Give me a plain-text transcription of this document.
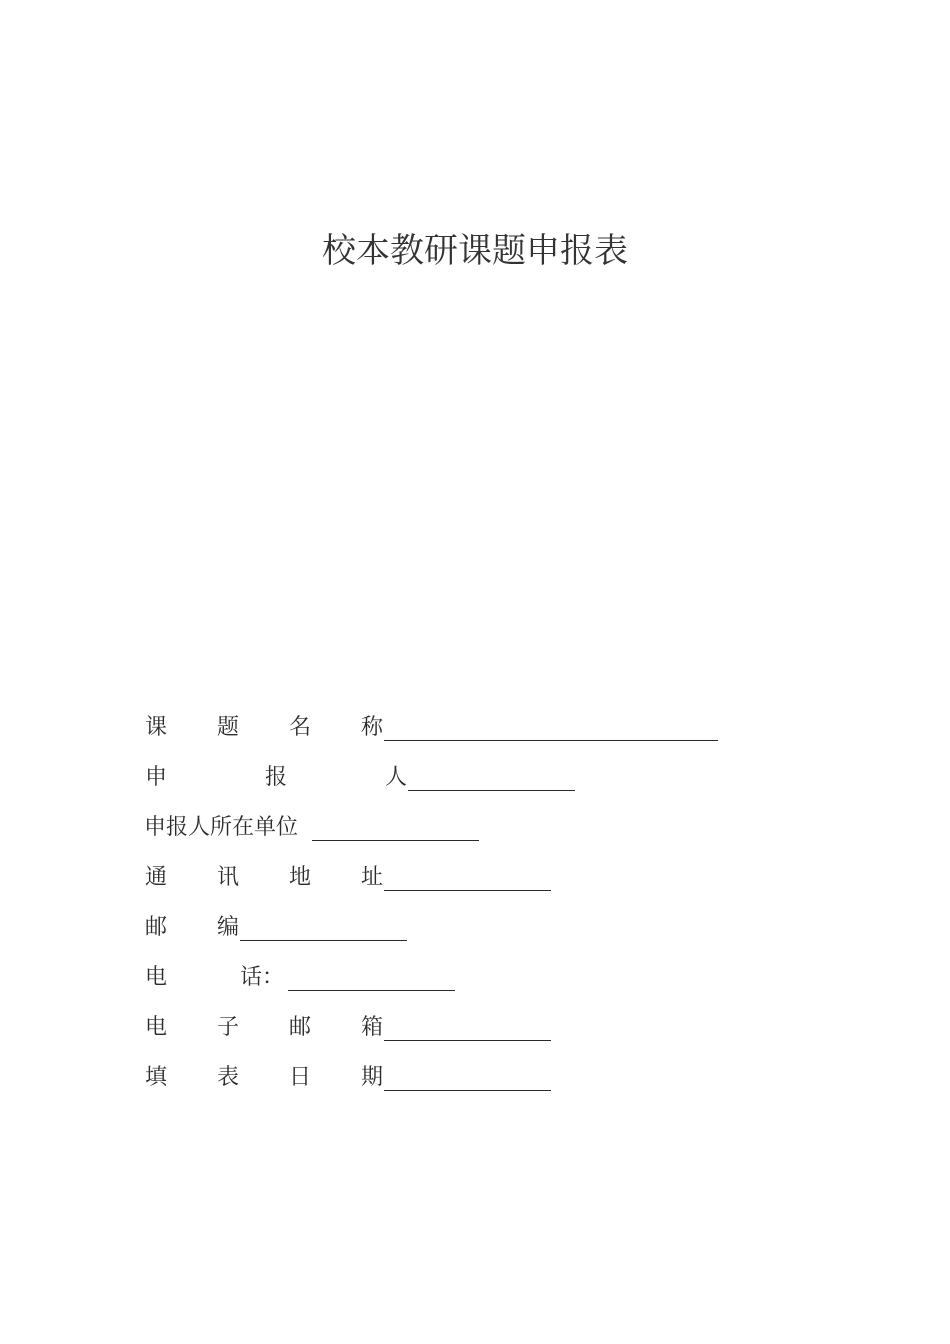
校本教研课题申报表
课 题 名 称
申	报	人
申报人所在单位
通 讯 地 址
邮 编
电	话：
电 子 邮 箱
填 表 日 期
